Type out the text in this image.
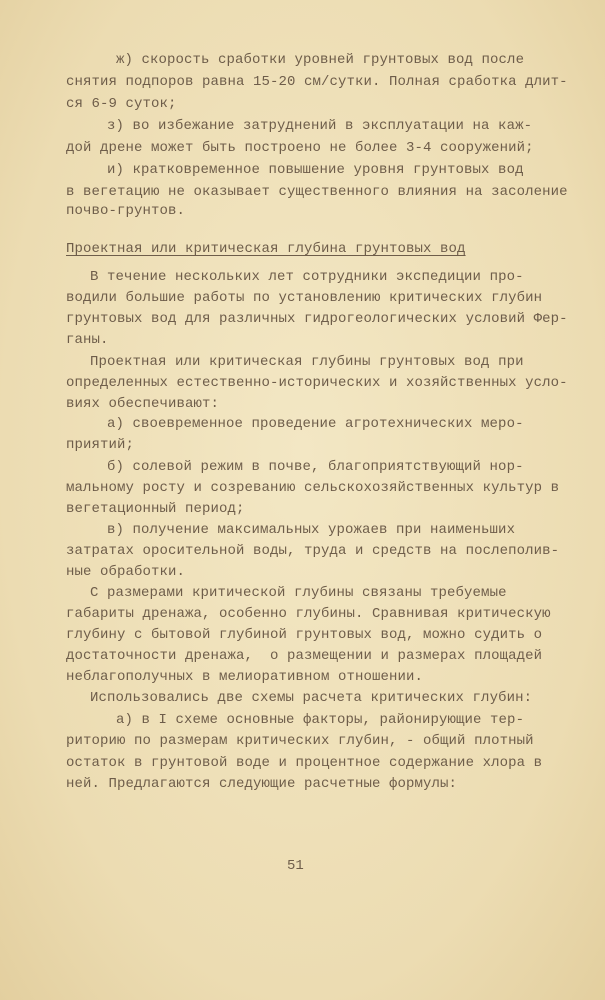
ж) скорость сработки уровней грунтовых вод после
снятия подпоров равна 15-20 см/сутки. Полная сработка длит-
ся 6-9 суток;
з) во избежание затруднений в эксплуатации на каж-
дой дрене может быть построено не более 3-4 сооружений;
и) кратковременное повышение уровня грунтовых вод
в вегетацию не оказывает существенного влияния на засоление
почво-грунтов.
Проектная или критическая глубина грунтовых вод
В течение нескольких лет сотрудники экспедиции про-
водили большие работы по установлению критических глубин
грунтовых вод для различных гидрогеологических условий Фер-
ганы.
Проектная или критическая глубины грунтовых вод при
определенных естественно-исторических и хозяйственных усло-
виях обеспечивают:
а) своевременное проведение агротехнических меро-
приятий;
б) солевой режим в почве, благоприятствующий нор-
мальному росту и созреванию сельскохозяйственных культур в
вегетационный период;
в) получение максимальных урожаев при наименьших
затратах оросительной воды, труда и средств на послеполив-
ные обработки.
С размерами критической глубины связаны требуемые
габариты дренажа, особенно глубины. Сравнивая критическую
глубину с бытовой глубиной грунтовых вод, можно судить о
достаточности дренажа,  о размещении и размерах площадей
неблагополучных в мелиоративном отношении.
Использовались две схемы расчета критических глубин:
а) в I схеме основные факторы, районирующие тер-
риторию по размерам критических глубин, - общий плотный
остаток в грунтовой воде и процентное содержание хлора в
ней. Предлагаются следующие расчетные формулы:
51
